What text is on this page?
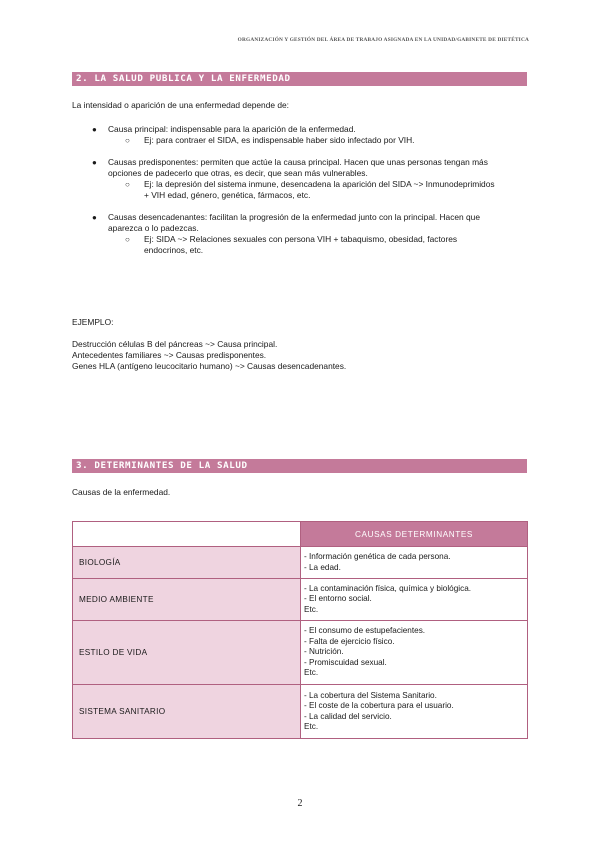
ORGANIZACIÓN Y GESTIÓN DEL ÁREA DE TRABAJO ASIGNADA EN LA UNIDAD/GABINETE DE DIETÉTICA
2. LA SALUD PUBLICA Y LA ENFERMEDAD
La intensidad o aparición de una enfermedad depende de:
● Causa principal: indispensable para la aparición de la enfermedad.
○ Ej: para contraer el SIDA, es indispensable haber sido infectado por VIH.
● Causas predisponentes: permiten que actúe la causa principal. Hacen que unas personas tengan más
opciones de padecerlo que otras, es decir, que sean más vulnerables.
○ Ej: la depresión del sistema inmune, desencadena la aparición del SIDA ~> Inmunodeprimidos
+ VIH edad, género, genética, fármacos, etc.
● Causas desencadenantes: facilitan la progresión de la enfermedad junto con la principal. Hacen que
aparezca o lo padezcas.
○ Ej: SIDA ~> Relaciones sexuales con persona VIH + tabaquismo, obesidad, factores
endocrinos, etc.
EJEMPLO:
Destrucción células B del páncreas ~> Causa principal.
Antecedentes familiares ~> Causas predisponentes.
Genes HLA (antígeno leucocitario humano) ~> Causas desencadenantes.
3. DETERMINANTES DE LA SALUD
Causas de la enfermedad.
	CAUSAS DETERMINANTES
BIOLOGÍA	- Información genética de cada persona.
- La edad.

MEDIO AMBIENTE	- La contaminación física, química y biológica.
- El entorno social.
Etc.

ESTILO DE VIDA	- El consumo de estupefacientes.
- Falta de ejercicio físico.
- Nutrición.
- Promiscuidad sexual.
Etc.

SISTEMA SANITARIO	- La cobertura del Sistema Sanitario.
- El coste de la cobertura para el usuario.
- La calidad del servicio.
Etc.
2
